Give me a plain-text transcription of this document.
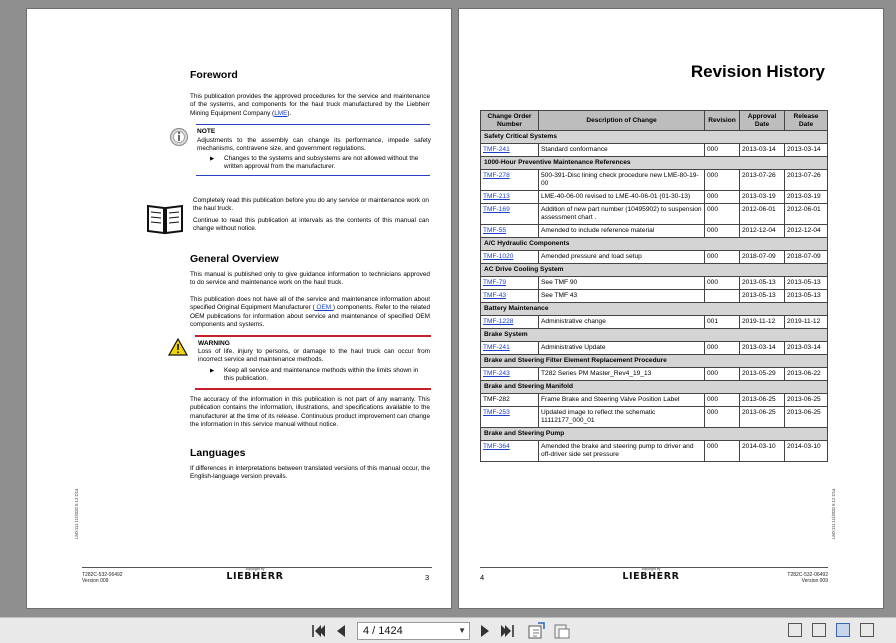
Foreword
This publication provides the approved procedures for the service and maintenance of the systems, and components for the haul truck manufactured by the Liebherr Mining Equipment Company (LME).
NOTE
Adjustments to the assembly can change its performance, impede safety mechanisms, contravene size, and government regulations.
▶ Changes to the systems and subsystems are not allowed without the written approval from the manufacturer.
Completely read this publication before you do any service or maintenance work on the haul truck.
Continue to read this publication at intervals as the contents of this manual can change without notice.
General Overview
This manual is published only to give guidance information to technicians approved to do service and maintenance work on the haul truck.
This publication does not have all of the service and maintenance information about specified Original Equipment Manufacturer ( OEM ) components. Refer to the related OEM publications for information about service and maintenance of specified OEM components and systems.
WARNING
Loss of life, injury to persons, or damage to the haul truck can occur from incorrect service and maintenance methods.
▶ Keep all service and maintenance methods within the limits shown in this publication.
The accuracy of the information in this publication is not part of any warranty. This publication contains the information, illustrations, and specifications available to the manufacturer at the time of its release. Continuous product improvement can change the information in this service manual without notice.
Languages
If differences in interpretations between translated versions of this manual occur, the English-language version prevails.
LMX111 11/2020 5:12 D1a
T282C-532-06492
Version 009
copyright by
LIEBHERR	3
Revision History
Change Order Number	Description of Change	Revision	Approval Date	Release Date
Safety Critical Systems				
TMF-241	Standard conformance	000	2013-03-14	2013-03-14
1000-Hour Preventive Maintenance References				
TMF-278	500-391-Disc lining check procedure new LME-80-19-00	000	2013-07-26	2013-07-26
TMF-213	LME-40-06-00 revised to LME-40-06-01 (01-30-13)	000	2013-03-19	2013-03-19
TMF-169	Addition of new part number (10495902) to suspension assessment chart .	000	2012-06-01	2012-06-01
TMF-55	Amended to include reference material	000	2012-12-04	2012-12-04
A/C Hydraulic Components				
TMF-1020	Amended pressure and load setup	000	2018-07-09	2018-07-09
AC Drive Cooling System				
TMF-79	See TMF 90	000	2013-05-13	2013-05-13
TMF-43	See TMF 43		2013-05-13	2013-05-13
Battery Maintenance				
TMF-1228	Administrative change	001	2019-11-12	2019-11-12
Brake System				
TMF-241	Administrative Update	000	2013-03-14	2013-03-14
Brake and Steering Filter Element Replacement Procedure				
TMF-243	T282 Series PM Master_Rev4_19_13	000	2013-05-29	2013-06-22
Brake and Steering Manifold				
TMF-282	Frame Brake and Steering Valve Position Label	000	2013-06-25	2013-06-25
TMF-253	Updated image to reflect the schematic 11112177_000_01	000	2013-06-25	2013-06-25
Brake and Steering Pump				
TMF-364	Amended the brake and steering pump to driver and off-driver side set pressure	000	2014-03-10	2014-03-10
LMX111 11/2020 5:12 D1a
4
copyright by
LIEBHERR	T282C-532-06492
Version 009
4 / 1424	▼
